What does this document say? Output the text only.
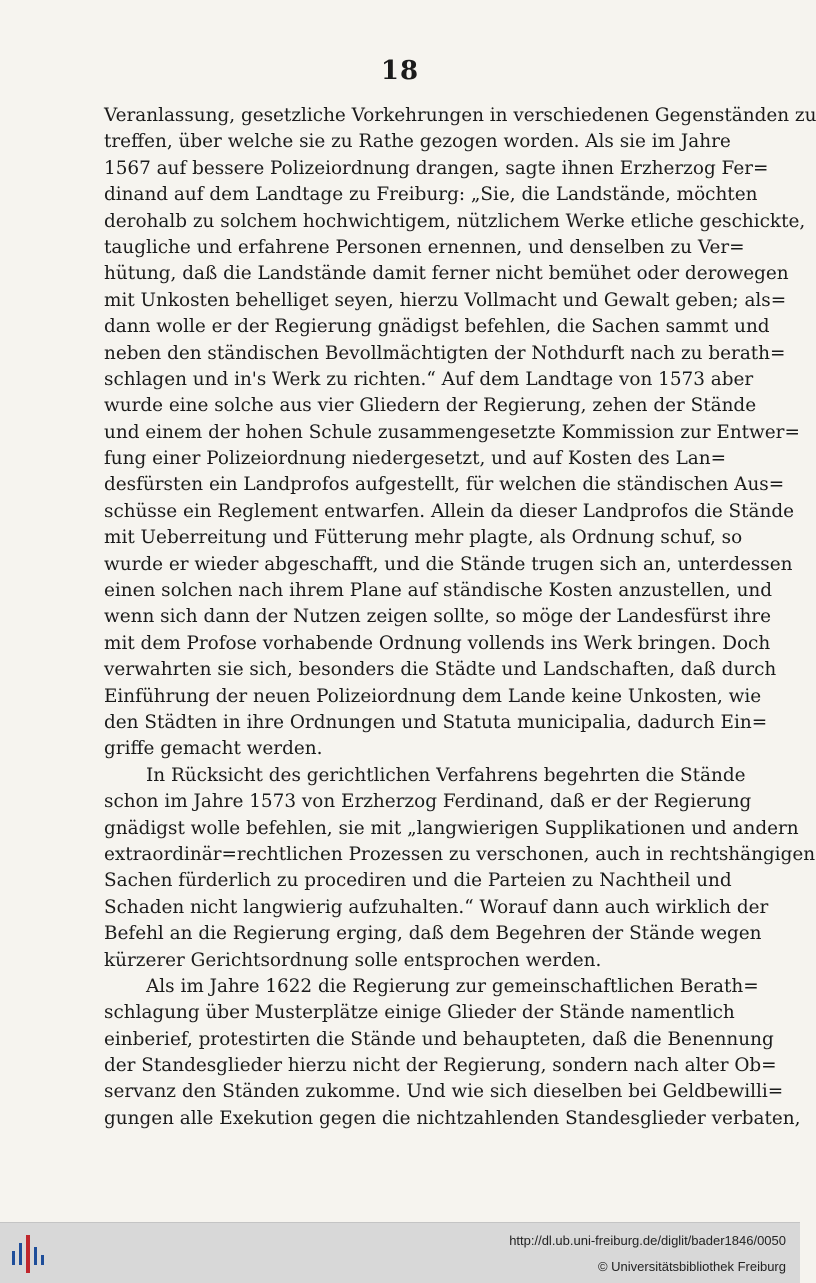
18
Veranlassung, gesetzliche Vorkehrungen in verschiedenen Gegenständen zu
treffen, über welche sie zu Rathe gezogen worden. Als sie im Jahre
1567 auf bessere Polizeiordnung drangen, sagte ihnen Erzherzog Fer=
dinand auf dem Landtage zu Freiburg: „Sie, die Landstände, möchten
derohalb zu solchem hochwichtigem, nützlichem Werke etliche geschickte,
taugliche und erfahrene Personen ernennen, und denselben zu Ver=
hütung, daß die Landstände damit ferner nicht bemühet oder derowegen
mit Unkosten behelliget seyen, hierzu Vollmacht und Gewalt geben; als=
dann wolle er der Regierung gnädigst befehlen, die Sachen sammt und
neben den ständischen Bevollmächtigten der Nothdurft nach zu berath=
schlagen und in's Werk zu richten.“ Auf dem Landtage von 1573 aber
wurde eine solche aus vier Gliedern der Regierung, zehen der Stände
und einem der hohen Schule zusammengesetzte Kommission zur Entwer=
fung einer Polizeiordnung niedergesetzt, und auf Kosten des Lan=
desfürsten ein Landprofos aufgestellt, für welchen die ständischen Aus=
schüsse ein Reglement entwarfen. Allein da dieser Landprofos die Stände
mit Ueberreitung und Fütterung mehr plagte, als Ordnung schuf, so
wurde er wieder abgeschafft, und die Stände trugen sich an, unterdessen
einen solchen nach ihrem Plane auf ständische Kosten anzustellen, und
wenn sich dann der Nutzen zeigen sollte, so möge der Landesfürst ihre
mit dem Profose vorhabende Ordnung vollends ins Werk bringen. Doch
verwahrten sie sich, besonders die Städte und Landschaften, daß durch
Einführung der neuen Polizeiordnung dem Lande keine Unkosten, wie
den Städten in ihre Ordnungen und Statuta municipalia, dadurch Ein=
griffe gemacht werden.
In Rücksicht des gerichtlichen Verfahrens begehrten die Stände
schon im Jahre 1573 von Erzherzog Ferdinand, daß er der Regierung
gnädigst wolle befehlen, sie mit „langwierigen Supplikationen und andern
extraordinär=rechtlichen Prozessen zu verschonen, auch in rechtshängigen
Sachen fürderlich zu procediren und die Parteien zu Nachtheil und
Schaden nicht langwierig aufzuhalten.“ Worauf dann auch wirklich der
Befehl an die Regierung erging, daß dem Begehren der Stände wegen
kürzerer Gerichtsordnung solle entsprochen werden.
Als im Jahre 1622 die Regierung zur gemeinschaftlichen Berath=
schlagung über Musterplätze einige Glieder der Stände namentlich
einberief, protestirten die Stände und behaupteten, daß die Benennung
der Standesglieder hierzu nicht der Regierung, sondern nach alter Ob=
servanz den Ständen zukomme. Und wie sich dieselben bei Geldbewilli=
gungen alle Exekution gegen die nichtzahlenden Standesglieder verbaten,
http://dl.ub.uni-freiburg.de/diglit/bader1846/0050
© Universitätsbibliothek Freiburg
